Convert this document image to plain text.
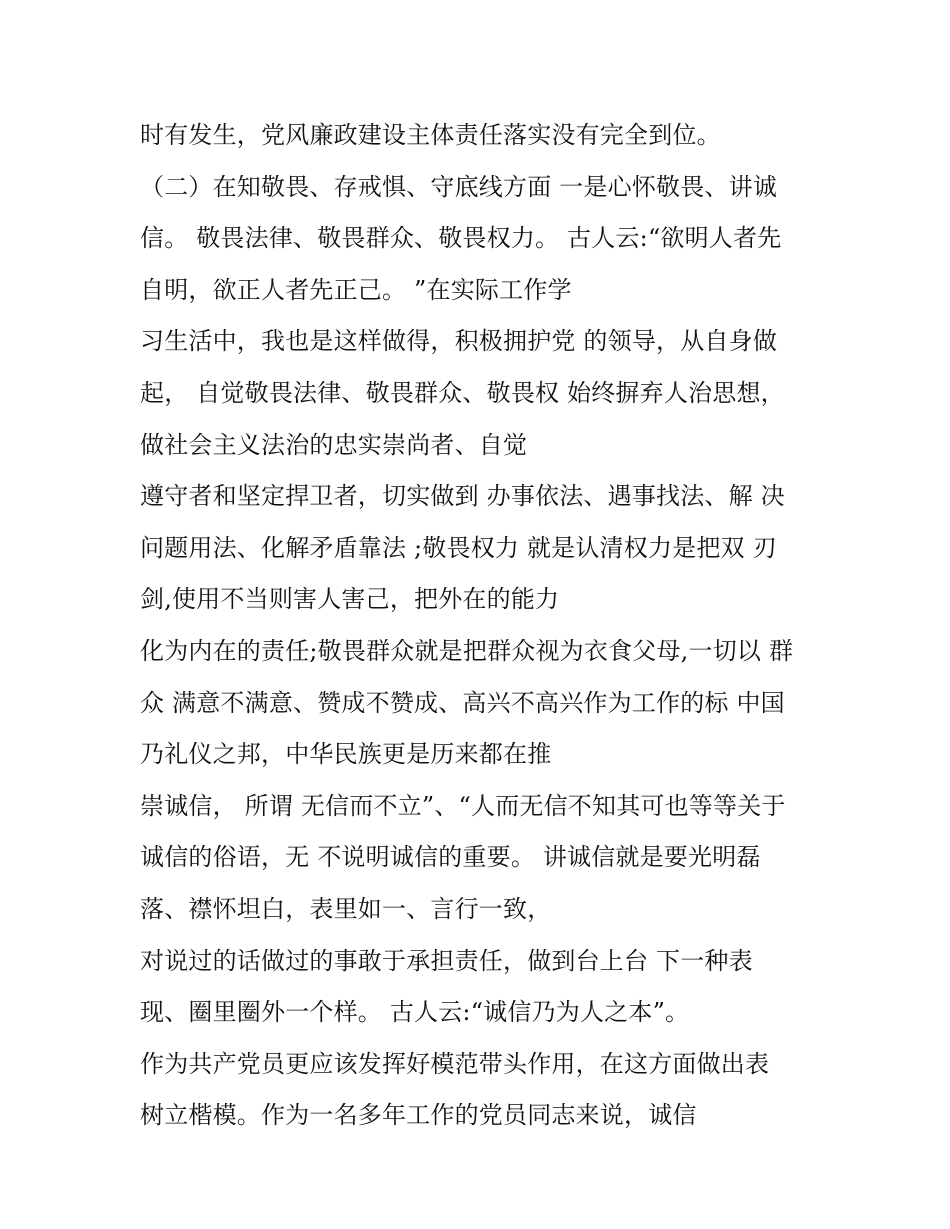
时有发生，党风廉政建设主体责任落实没有完全到位。
（二）在知敬畏、存戒惧、守底线方面 一是心怀敬畏、讲诚
信。 敬畏法律、敬畏群众、敬畏权力。 古人云:“欲明人者先
自明，欲正人者先正己。 ”在实际工作学
习生活中，我也是这样做得，积极拥护党 的领导，从自身做
起， 自觉敬畏法律、敬畏群众、敬畏权 始终摒弃人治思想，
做社会主义法治的忠实崇尚者、自觉
遵守者和坚定捍卫者，切实做到 办事依法、遇事找法、解 决
问题用法、化解矛盾靠法 ;敬畏权力 就是认清权力是把双 刃
剑,使用不当则害人害己，把外在的能力
化为内在的责任;敬畏群众就是把群众视为衣食父母,一切以 群
众 满意不满意、赞成不赞成、高兴不高兴作为工作的标 中国
乃礼仪之邦，中华民族更是历来都在推
崇诚信， 所谓 无信而不立”、“人而无信不知其可也等等关于
诚信的俗语，无 不说明诚信的重要。 讲诚信就是要光明磊
落、襟怀坦白，表里如一、言行一致，
对说过的话做过的事敢于承担责任，做到台上台 下一种表
现、圈里圈外一个样。 古人云:“诚信乃为人之本”。
作为共产党员更应该发挥好模范带头作用，在这方面做出表
树立楷模。作为一名多年工作的党员同志来说，诚信
